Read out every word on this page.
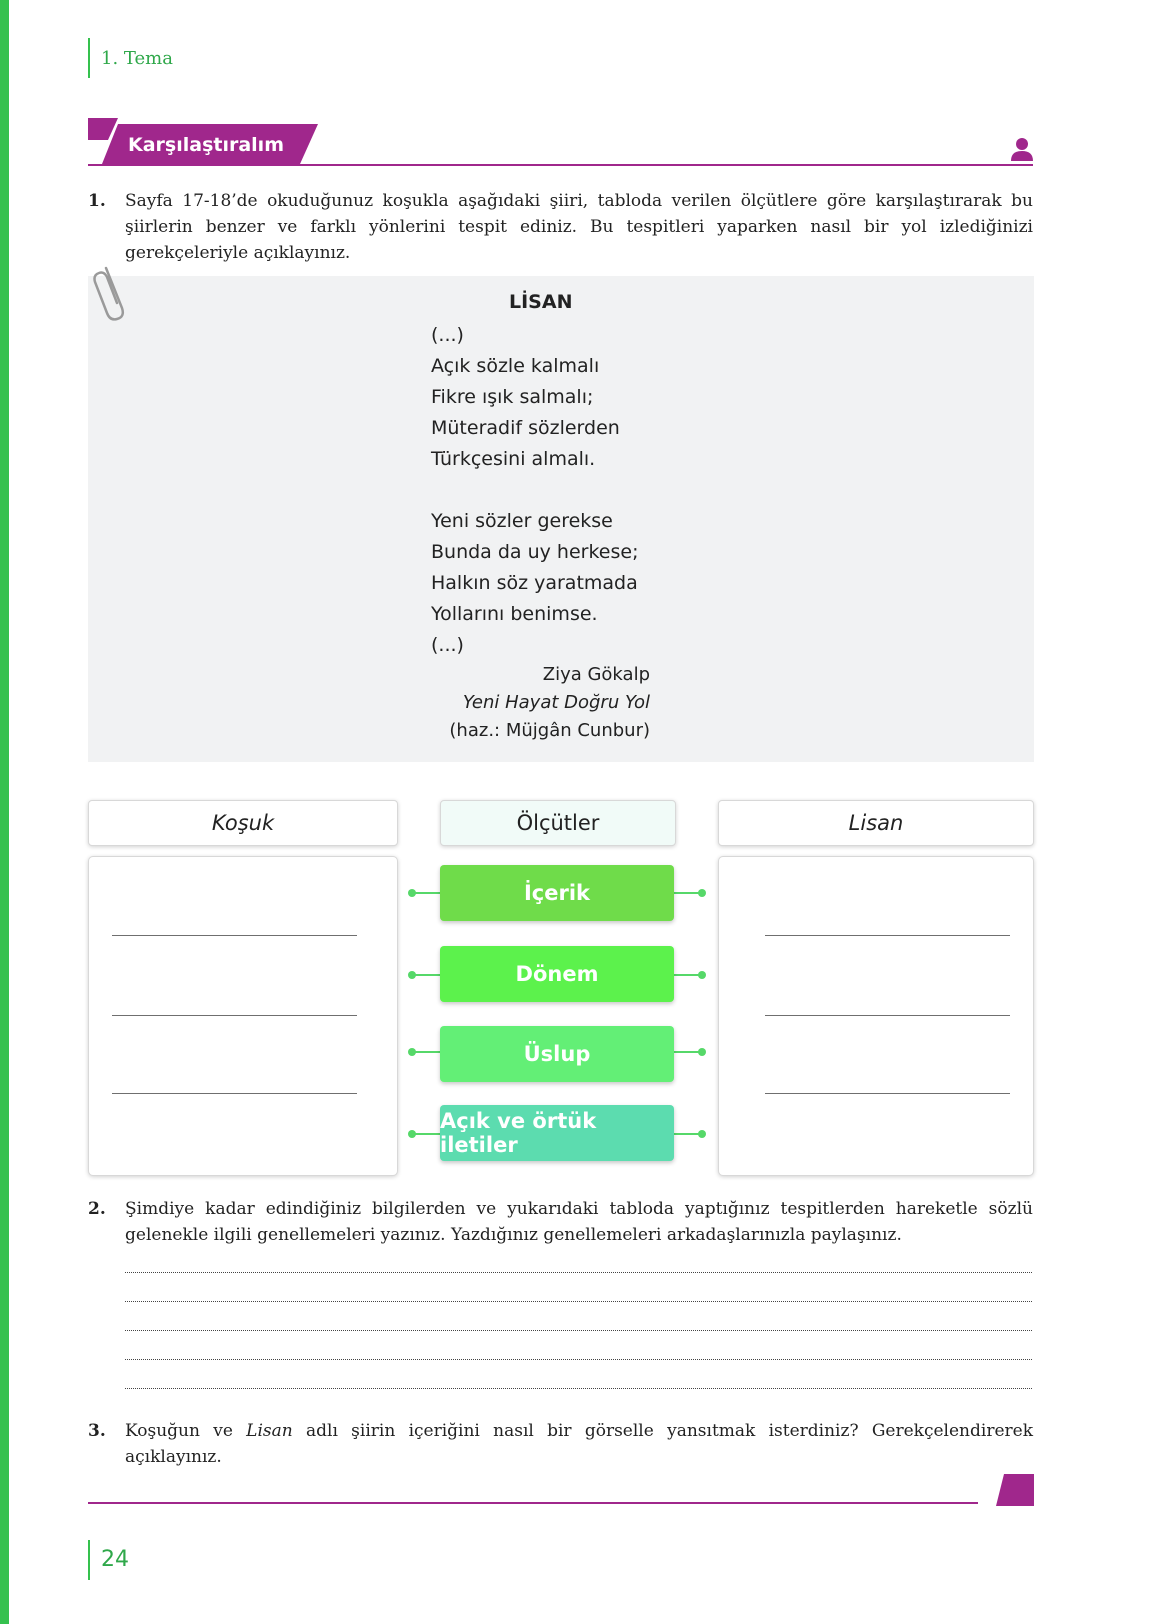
1. Tema
Karşılaştıralım
1. Sayfa 17-18’de okuduğunuz koşukla aşağıdaki şiiri, tabloda verilen ölçütlere göre karşılaştırarak bu şiirlerin benzer ve farklı yönlerini tespit ediniz. Bu tespitleri yaparken nasıl bir yol izlediğinizi gerekçeleriyle açıklayınız.
LİSAN
(...)
Açık sözle kalmalı
Fikre ışık salmalı;
Müteradif sözlerden
Türkçesini almalı.
Yeni sözler gerekse
Bunda da uy herkese;
Halkın söz yaratmada
Yollarını benimse.
(...)
Ziya Gökalp
Yeni Hayat Doğru Yol
(haz.: Müjgân Cunbur)
Koşuk	Ölçütler	Lisan
İçerik
Dönem
Üslup
Açık ve örtük iletiler
2. Şimdiye kadar edindiğiniz bilgilerden ve yukarıdaki tabloda yaptığınız tespitlerden hareketle sözlü gelenekle ilgili genellemeleri yazınız. Yazdığınız genellemeleri arkadaşlarınızla paylaşınız.
3. Koşuğun ve Lisan adlı şiirin içeriğini nasıl bir görselle yansıtmak isterdiniz? Gerekçelendirerek açıklayınız.
24
